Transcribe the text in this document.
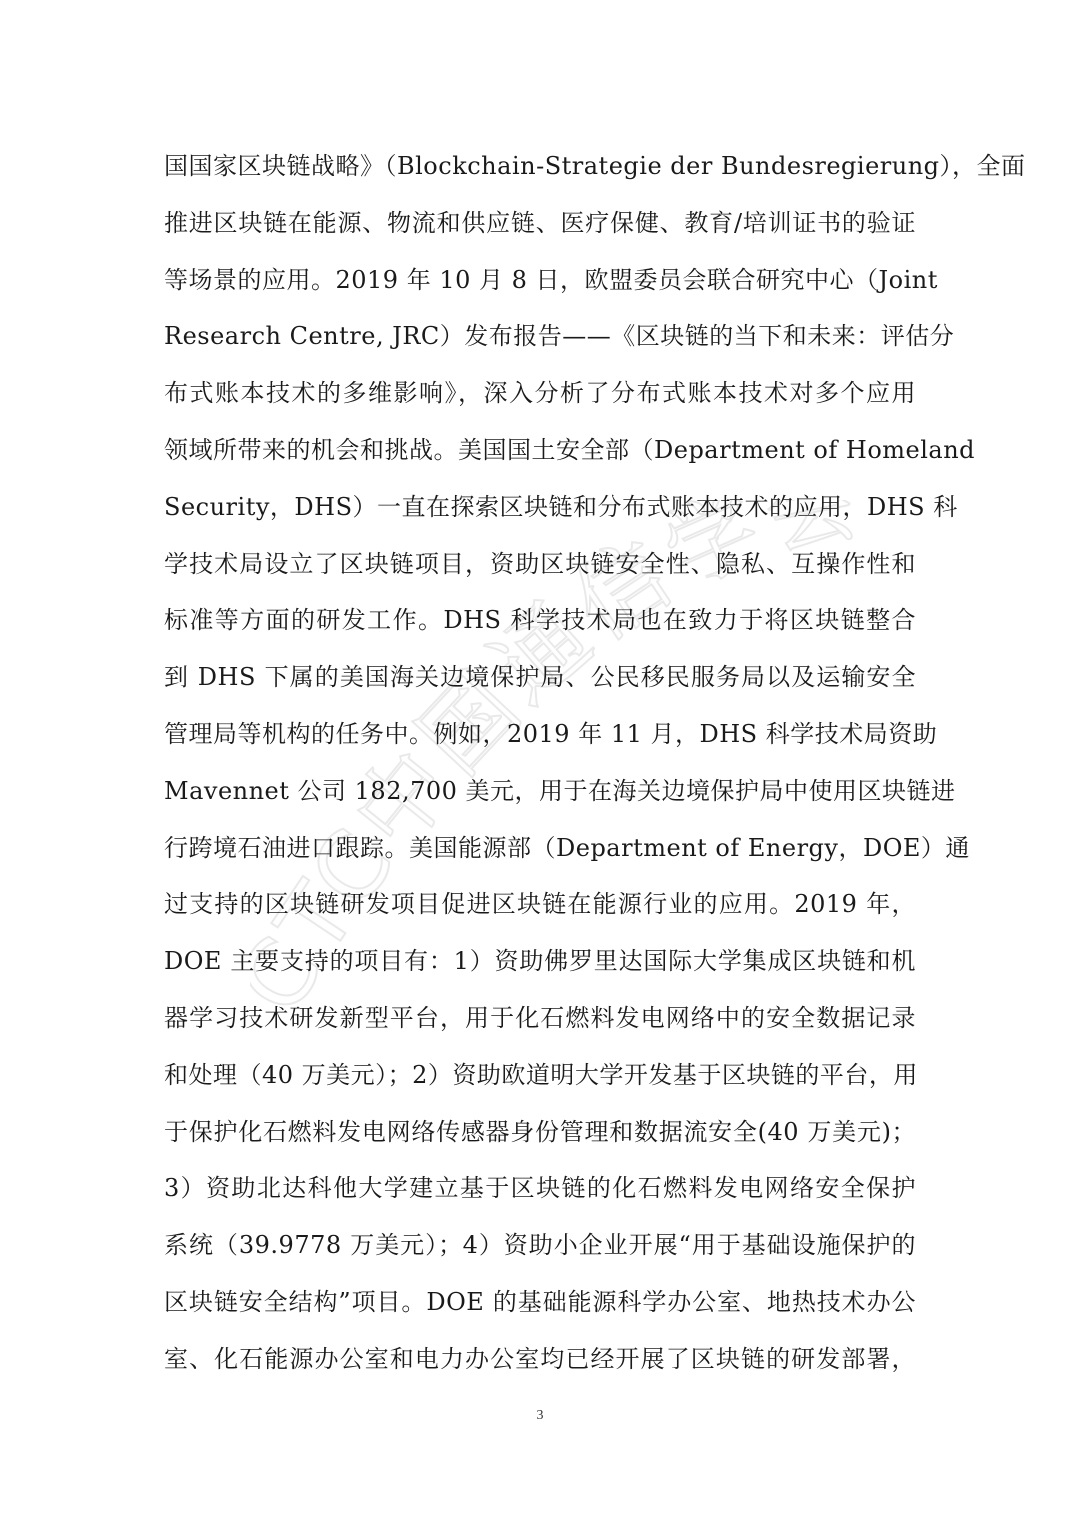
TC中国通信学会
国国家区块链战略》（Blockchain-Strategie der Bundesregierung），全面
推进区块链在能源、物流和供应链、医疗保健、教育/培训证书的验证
等场景的应用。2019 年 10 月 8 日，欧盟委员会联合研究中心（Joint
Research Centre, JRC）发布报告——《区块链的当下和未来：评估分
布式账本技术的多维影响》，深入分析了分布式账本技术对多个应用
领域所带来的机会和挑战。美国国土安全部（Department of Homeland
Security，DHS）一直在探索区块链和分布式账本技术的应用，DHS 科
学技术局设立了区块链项目，资助区块链安全性、隐私、互操作性和
标准等方面的研发工作。DHS 科学技术局也在致力于将区块链整合
到 DHS 下属的美国海关边境保护局、公民移民服务局以及运输安全
管理局等机构的任务中。例如，2019 年 11 月，DHS 科学技术局资助
Mavennet 公司 182,700 美元，用于在海关边境保护局中使用区块链进
行跨境石油进口跟踪。美国能源部（Department of Energy，DOE）通
过支持的区块链研发项目促进区块链在能源行业的应用。2019 年，
DOE 主要支持的项目有：1）资助佛罗里达国际大学集成区块链和机
器学习技术研发新型平台，用于化石燃料发电网络中的安全数据记录
和处理（40 万美元）；2）资助欧道明大学开发基于区块链的平台，用
于保护化石燃料发电网络传感器身份管理和数据流安全(40 万美元)；
3）资助北达科他大学建立基于区块链的化石燃料发电网络安全保护
系统（39.9778 万美元）；4）资助小企业开展“用于基础设施保护的
区块链安全结构”项目。DOE 的基础能源科学办公室、地热技术办公
室、化石能源办公室和电力办公室均已经开展了区块链的研发部署，
3
